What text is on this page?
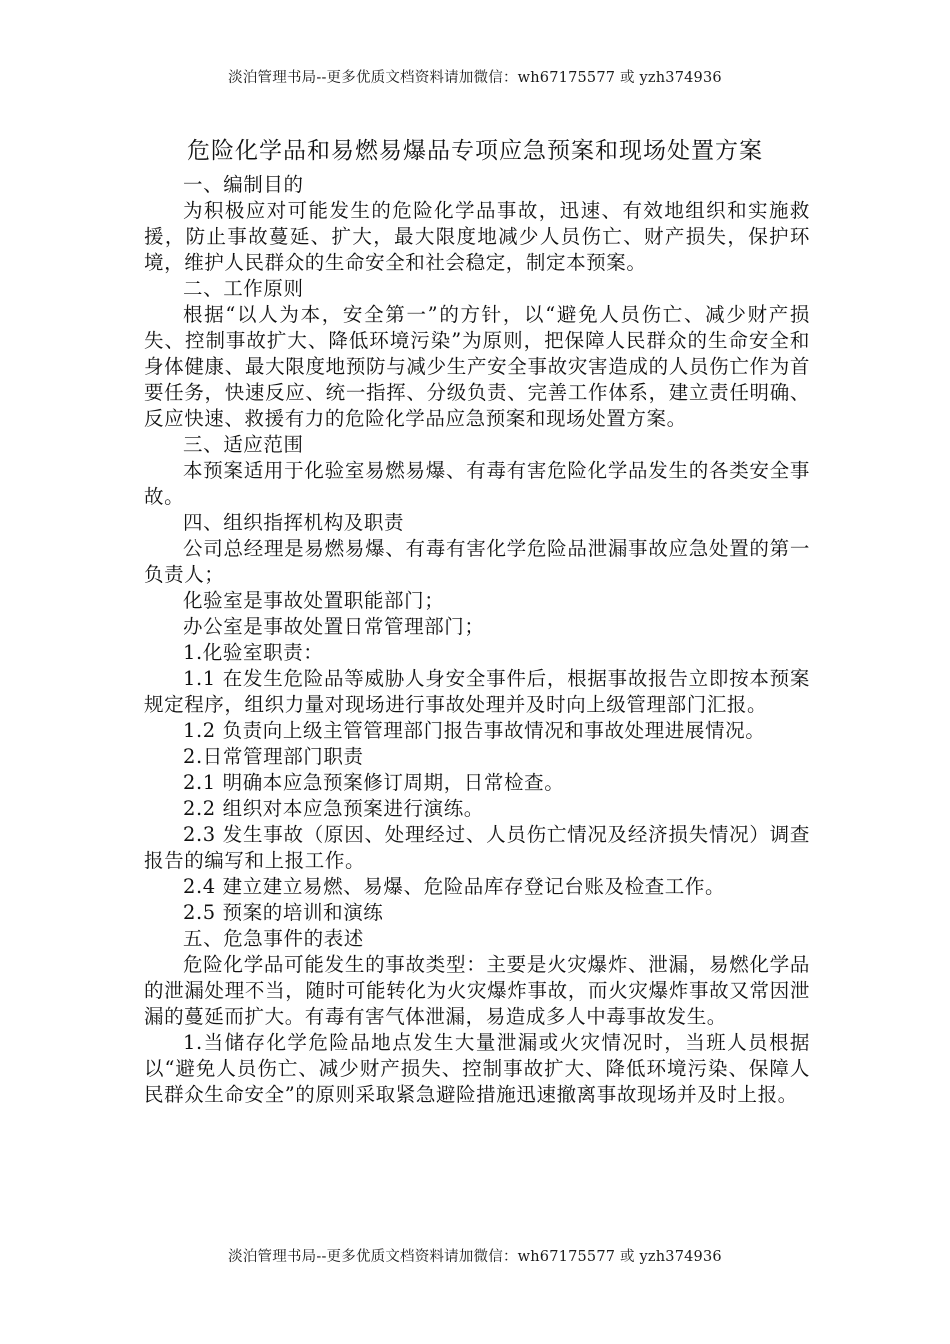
淡泊管理书局--更多优质文档资料请加微信：wh67175577 或 yzh374936
危险化学品和易燃易爆品专项应急预案和现场处置方案

一、编制目的

为积极应对可能发生的危险化学品事故，迅速、有效地组织和实施救援，防止事故蔓延、扩大，最大限度地减少人员伤亡、财产损失，保护环境，维护人民群众的生命安全和社会稳定，制定本预案。

二、工作原则

根据“以人为本，安全第一”的方针，以“避免人员伤亡、减少财产损失、控制事故扩大、降低环境污染”为原则，把保障人民群众的生命安全和身体健康、最大限度地预防与减少生产安全事故灾害造成的人员伤亡作为首要任务，快速反应、统一指挥、分级负责、完善工作体系，建立责任明确、反应快速、救援有力的危险化学品应急预案和现场处置方案。

三、适应范围

本预案适用于化验室易燃易爆、有毒有害危险化学品发生的各类安全事故。

四、组织指挥机构及职责

公司总经理是易燃易爆、有毒有害化学危险品泄漏事故应急处置的第一负责人；

化验室是事故处置职能部门；

办公室是事故处置日常管理部门；

1.化验室职责：

1.1 在发生危险品等威胁人身安全事件后，根据事故报告立即按本预案规定程序，组织力量对现场进行事故处理并及时向上级管理部门汇报。

1.2 负责向上级主管管理部门报告事故情况和事故处理进展情况。

2.日常管理部门职责

2.1 明确本应急预案修订周期，日常检查。

2.2 组织对本应急预案进行演练。

2.3 发生事故（原因、处理经过、人员伤亡情况及经济损失情况）调查报告的编写和上报工作。

2.4 建立建立易燃、易爆、危险品库存登记台账及检查工作。

2.5 预案的培训和演练

五、危急事件的表述

危险化学品可能发生的事故类型：主要是火灾爆炸、泄漏，易燃化学品的泄漏处理不当，随时可能转化为火灾爆炸事故，而火灾爆炸事故又常因泄漏的蔓延而扩大。有毒有害气体泄漏，易造成多人中毒事故发生。

1.当储存化学危险品地点发生大量泄漏或火灾情况时，当班人员根据以“避免人员伤亡、减少财产损失、控制事故扩大、降低环境污染、保障人民群众生命安全”的原则采取紧急避险措施迅速撤离事故现场并及时上报。

淡泊管理书局--更多优质文档资料请加微信：wh67175577 或 yzh374936
